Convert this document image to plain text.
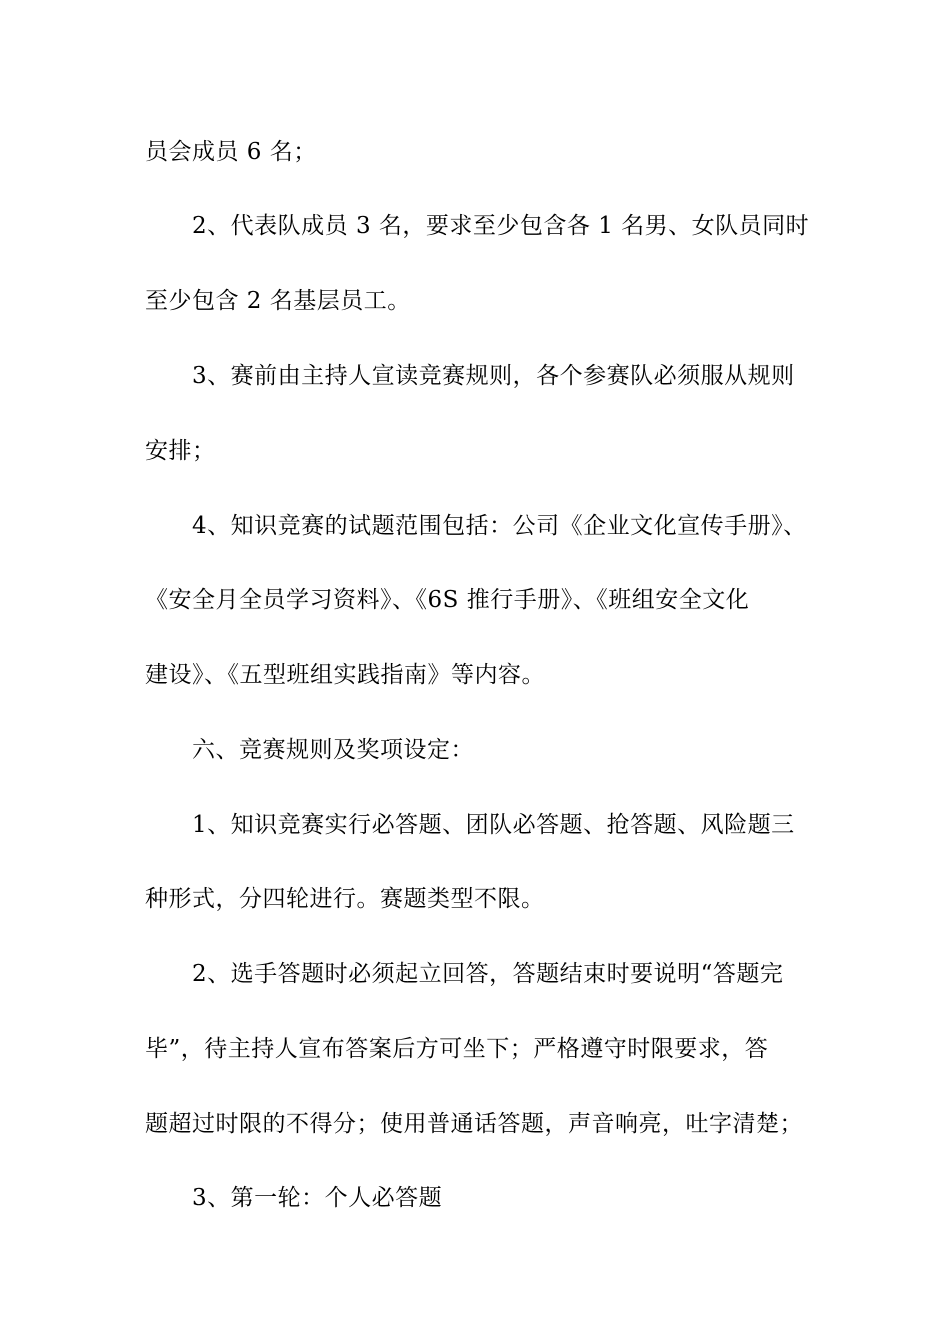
员会成员 6 名；
2、代表队成员 3 名，要求至少包含各 1 名男、女队员同时
至少包含 2 名基层员工。
3、赛前由主持人宣读竞赛规则，各个参赛队必须服从规则
安排；
4、知识竞赛的试题范围包括：公司《企业文化宣传手册》、
《安全月全员学习资料》、《6S 推行手册》、《班组安全文化
建设》、《五型班组实践指南》等内容。
六、竞赛规则及奖项设定：
1、知识竞赛实行必答题、团队必答题、抢答题、风险题三
种形式，分四轮进行。赛题类型不限。
2、选手答题时必须起立回答，答题结束时要说明“答题完
毕”，待主持人宣布答案后方可坐下；严格遵守时限要求，答
题超过时限的不得分；使用普通话答题，声音响亮，吐字清楚；
3、第一轮：个人必答题
